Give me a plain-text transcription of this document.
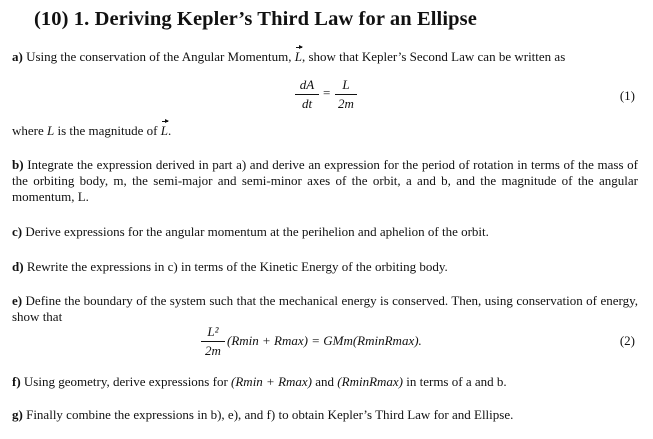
(10) 1. Deriving Kepler’s Third Law for an Ellipse
a) Using the conservation of the Angular Momentum, L, show that Kepler’s Second Law can be written as
dA
dt
=
L
2m
(1)
where L is the magnitude of L.
b) Integrate the expression derived in part a) and derive an expression for the period of rotation in terms of the mass of the orbiting body, m, the semi-major and semi-minor axes of the orbit, a and b, and the magnitude of the angular momentum, L.
c) Derive expressions for the angular momentum at the perihelion and aphelion of the orbit.
d) Rewrite the expressions in c) in terms of the Kinetic Energy of the orbiting body.
e) Define the boundary of the system such that the mechanical energy is conserved. Then, using conservation of energy, show that
L²
2m
(Rmin + Rmax) = GMm(RminRmax).	(2)
f) Using geometry, derive expressions for (Rmin + Rmax) and (RminRmax) in terms of a and b.
g) Finally combine the expressions in b), e), and f) to obtain Kepler’s Third Law for and Ellipse.
